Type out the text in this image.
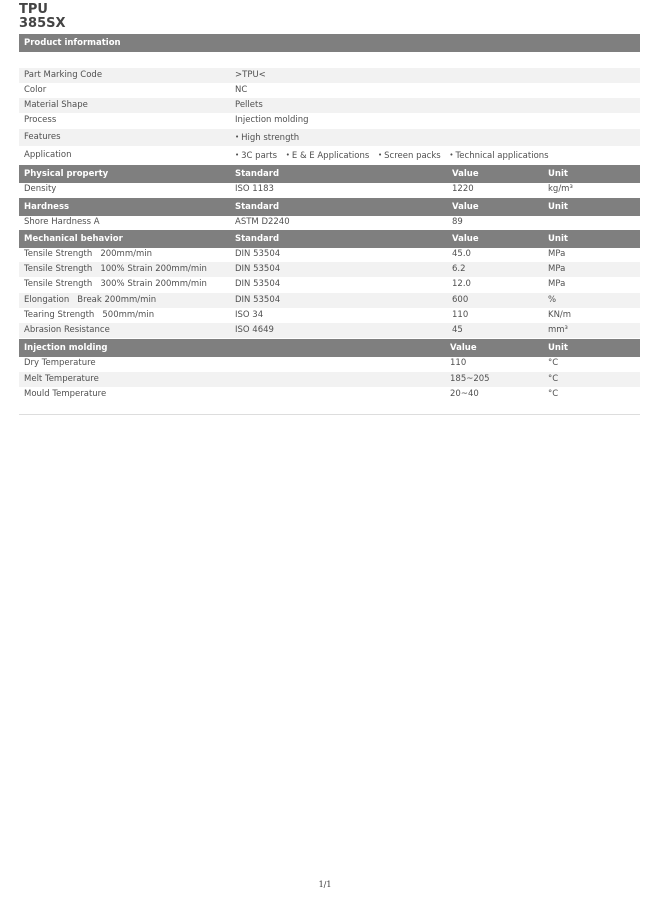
TPU
385SX
Product information
Part Marking Code	>TPU<
Color	NC
Material Shape	Pellets
Process	Injection molding
Features	• High strength
Application	• 3C parts • E & E Applications • Screen packs • Technical applications
Physical property	Standard	Value	Unit
Density	ISO 1183	1220	kg/m³
Hardness	Standard	Value	Unit
Shore Hardness A	ASTM D2240	89
Mechanical behavior	Standard	Value	Unit
Tensile Strength   200mm/min	DIN 53504	45.0	MPa
Tensile Strength   100% Strain 200mm/min	DIN 53504	6.2	MPa
Tensile Strength   300% Strain 200mm/min	DIN 53504	12.0	MPa
Elongation   Break 200mm/min	DIN 53504	600	%
Tearing Strength   500mm/min	ISO 34	110	KN/m
Abrasion Resistance	ISO 4649	45	mm³
Injection molding	Value	Unit
Dry Temperature	110	°C
Melt Temperature	185~205	°C
Mould Temperature	20~40	°C
1/1
